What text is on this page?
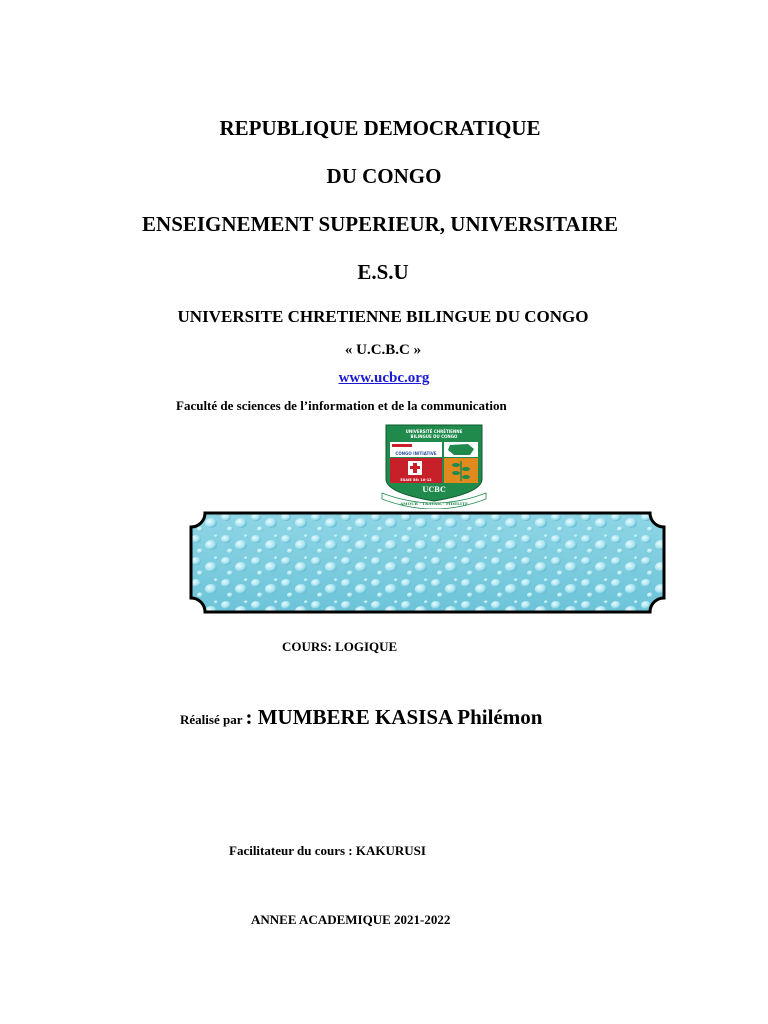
REPUBLIQUE DEMOCRATIQUE
DU CONGO
ENSEIGNEMENT SUPERIEUR, UNIVERSITAIRE
E.S.U
UNIVERSITE CHRETIENNE BILINGUE DU CONGO
« U.C.B.C »
www.ucbc.org
Faculté de sciences de l’information et de la communication
UNIVERSITÉ CHRÉTIENNE
BILINGUE DU CONGO
CONGO INITIATIVE
ESAIE 58: 10-12
UCBC
AMOUR · TRAVAIL · FIDELITE
COURS: LOGIQUE
Réalisé par : MUMBERE KASISA Philémon
Facilitateur du cours : KAKURUSI
ANNEE ACADEMIQUE 2021-2022
